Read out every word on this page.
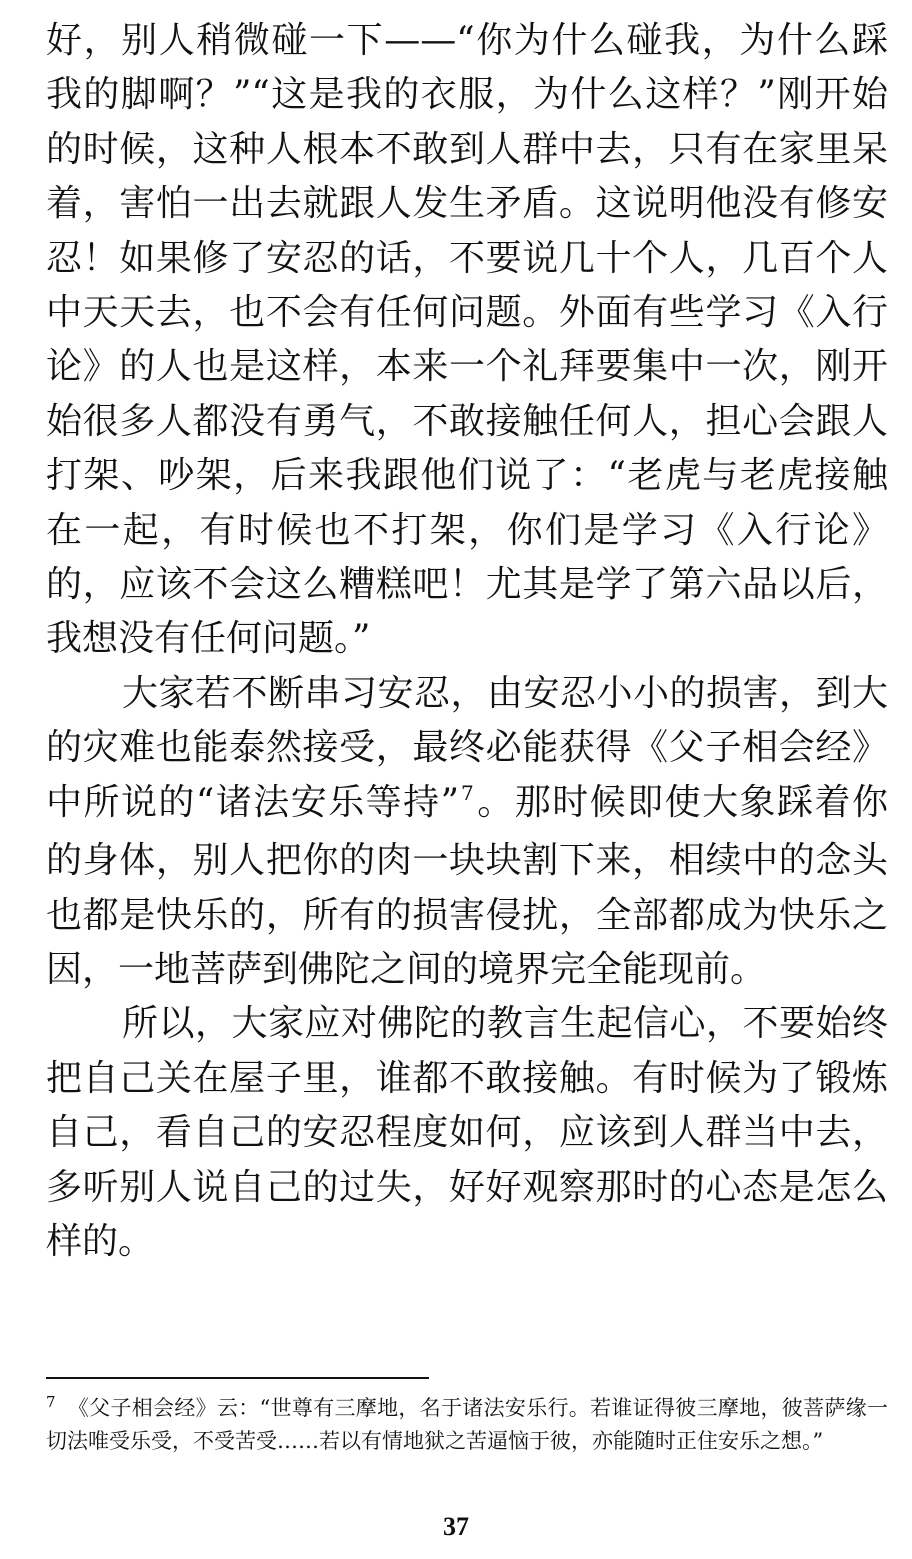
好，别人稍微碰一下——“你为什么碰我，为什么踩我的脚啊？”“这是我的衣服，为什么这样？”刚开始的时候，这种人根本不敢到人群中去，只有在家里呆着，害怕一出去就跟人发生矛盾。这说明他没有修安忍！如果修了安忍的话，不要说几十个人，几百个人中天天去，也不会有任何问题。外面有些学习《入行论》的人也是这样，本来一个礼拜要集中一次，刚开始很多人都没有勇气，不敢接触任何人，担心会跟人打架、吵架，后来我跟他们说了：“老虎与老虎接触在一起，有时候也不打架，你们是学习《入行论》的，应该不会这么糟糕吧！尤其是学了第六品以后，我想没有任何问题。”

大家若不断串习安忍，由安忍小小的损害，到大的灾难也能泰然接受，最终必能获得《父子相会经》中所说的“诸法安乐等持” $^7$。那时候即使大象踩着你的身体，别人把你的肉一块块割下来，相续中的念头也都是快乐的，所有的损害侵扰，全部都成为快乐之因，一地菩萨到佛陀之间的境界完全能现前。

所以，大家应对佛陀的教言生起信心，不要始终把自己关在屋子里，谁都不敢接触。有时候为了锻炼自己，看自己的安忍程度如何，应该到人群当中去，多听别人说自己的过失，好好观察那时的心态是怎么样的。

$^7$ 《父子相会经》云：“世尊有三摩地，名于诸法安乐行。若谁证得彼三摩地，彼菩萨缘一切法唯受乐受，不受苦受……若以有情地狱之苦逼恼于彼，亦能随时正住安乐之想。”

37
